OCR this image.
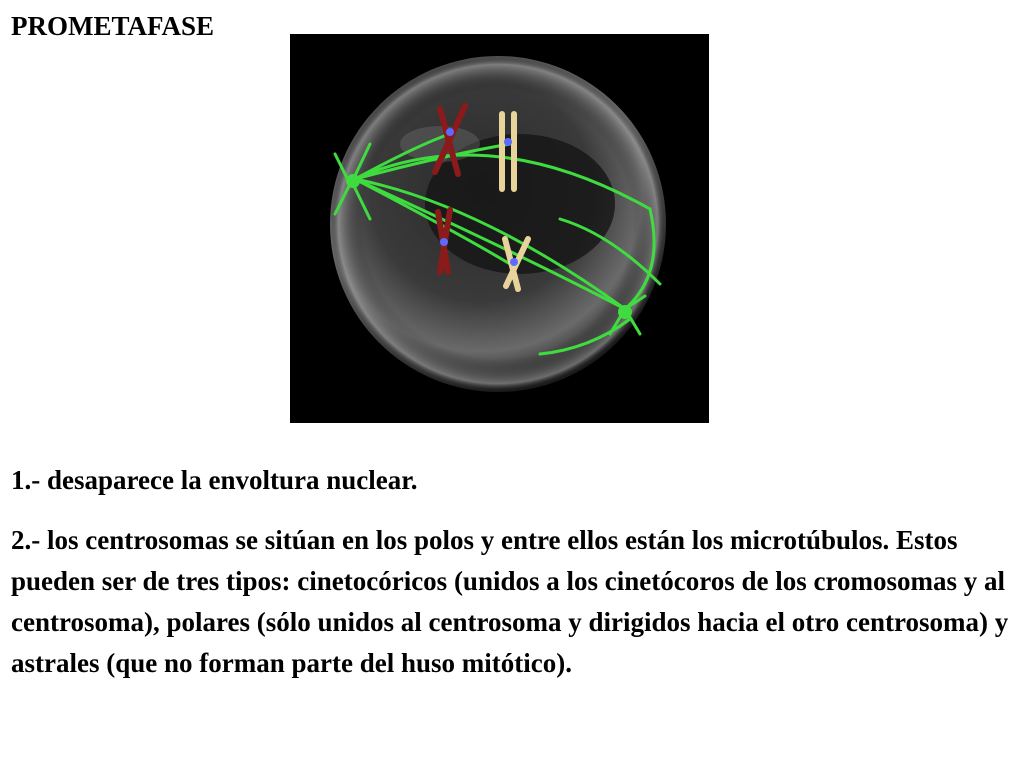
PROMETAFASE

1.- desaparece la envoltura nuclear.

2.- los centrosomas se sitúan en los polos y entre ellos están los microtúbulos. Estos pueden ser de tres tipos: cinetocóricos (unidos a los cinetócoros de los cromosomas y al centrosoma), polares (sólo unidos al centrosoma y dirigidos hacia el otro centrosoma) y astrales (que no forman parte del huso mitótico).
